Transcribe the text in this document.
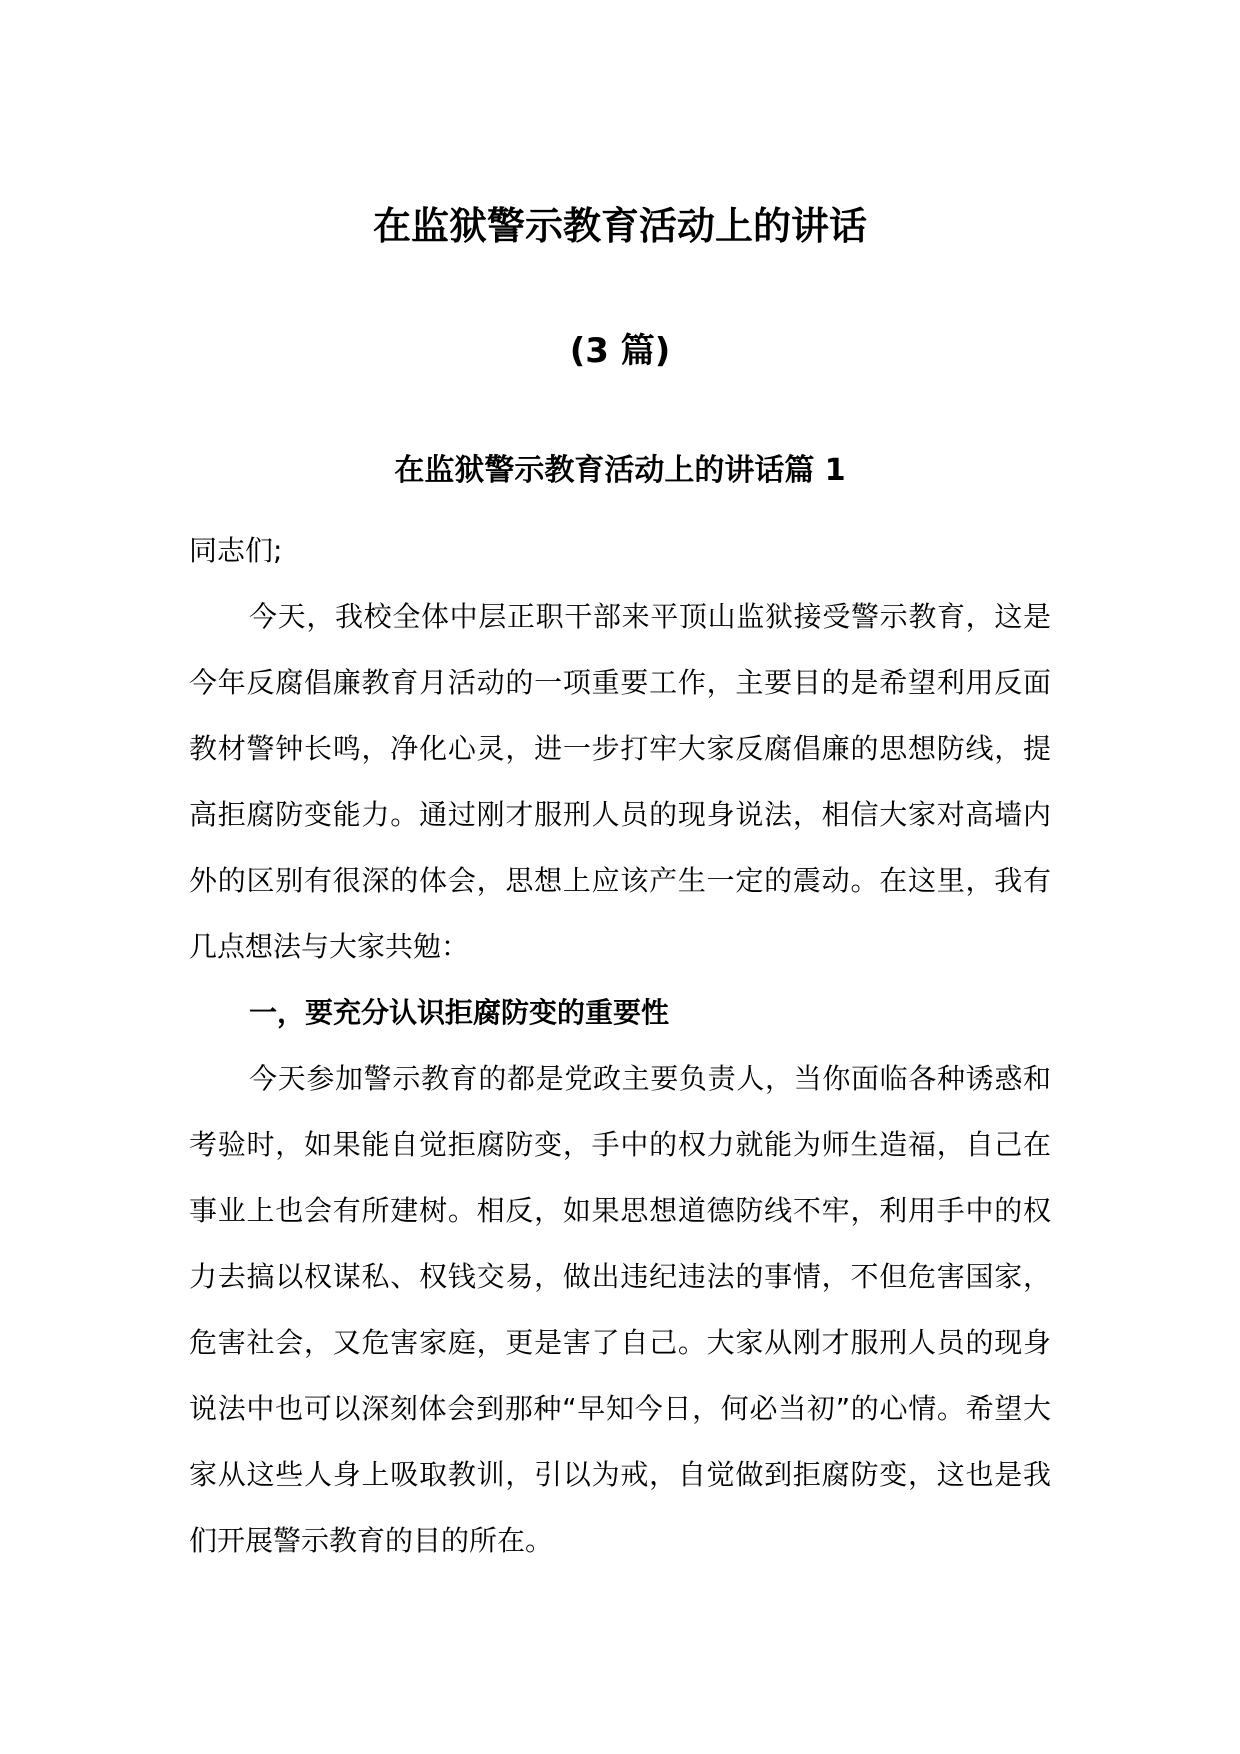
在监狱警示教育活动上的讲话
(3 篇)
在监狱警示教育活动上的讲话篇 1

同志们;

今天，我校全体中层正职干部来平顶山监狱接受警示教育，这是今年反腐倡廉教育月活动的一项重要工作，主要目的是希望利用反面教材警钟长鸣，净化心灵，进一步打牢大家反腐倡廉的思想防线，提高拒腐防变能力。通过刚才服刑人员的现身说法，相信大家对高墙内外的区别有很深的体会，思想上应该产生一定的震动。在这里，我有几点想法与大家共勉：

一，要充分认识拒腐防变的重要性

今天参加警示教育的都是党政主要负责人，当你面临各种诱惑和考验时，如果能自觉拒腐防变，手中的权力就能为师生造福，自己在事业上也会有所建树。相反，如果思想道德防线不牢，利用手中的权力去搞以权谋私、权钱交易，做出违纪违法的事情，不但危害国家，危害社会，又危害家庭，更是害了自己。大家从刚才服刑人员的现身说法中也可以深刻体会到那种“早知今日，何必当初”的心情。希望大家从这些人身上吸取教训，引以为戒，自觉做到拒腐防变，这也是我们开展警示教育的目的所在。
